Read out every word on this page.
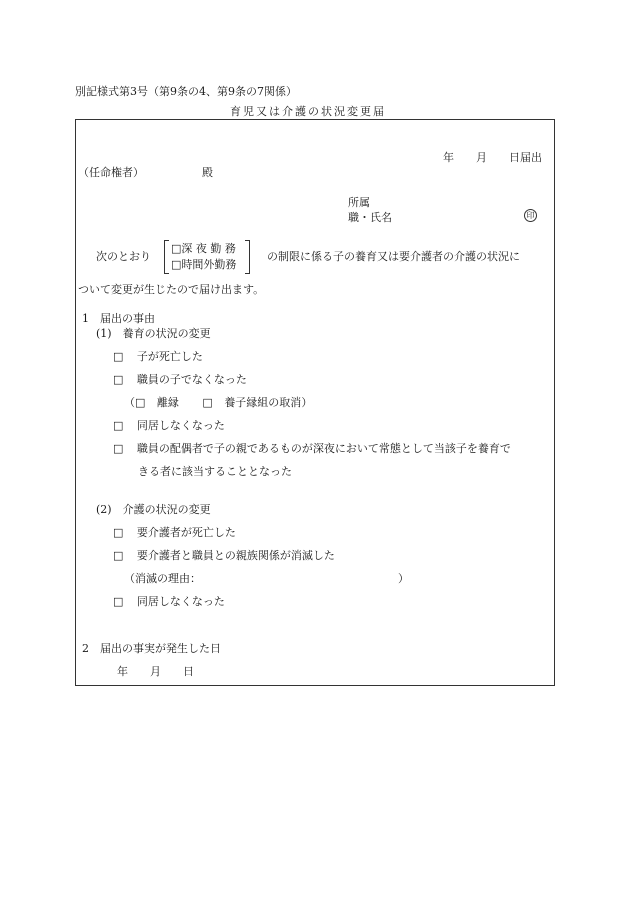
別記様式第3号（第9条の4、第9条の7関係）
育児又は介護の状況変更届
年　　月　　日届出
（任命権者）	殿
所属
職・氏名	印
次のとおり
□深 夜 勤 務
□時間外勤務
の制限に係る子の養育又は要介護者の介護の状況に
ついて変更が生じたので届け出ます。
1　届出の事由
(1)　養育の状況の変更
□ 子が死亡した
□ 職員の子でなくなった
（□ 離縁 □ 養子縁組の取消）
□ 同居しなくなった
□ 職員の配偶者で子の親であるものが深夜において常態として当該子を養育で
きる者に該当することとなった
(2)　介護の状況の変更
□ 要介護者が死亡した
□ 要介護者と職員との親族関係が消滅した
（消滅の理由：	）
□ 同居しなくなった
2　届出の事実が発生した日
年　　月　　日
